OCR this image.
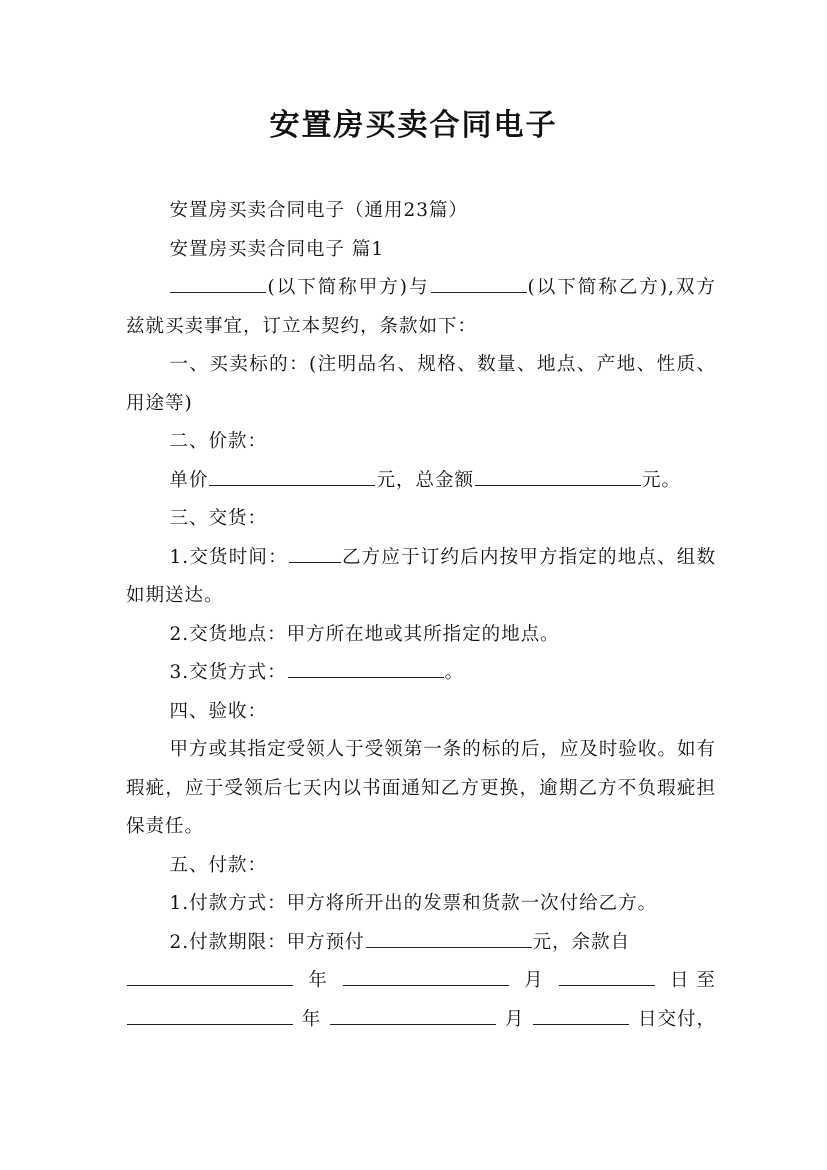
安置房买卖合同电子

安置房买卖合同电子（通用23篇）

安置房买卖合同电子 篇1

(以下简称甲方)与	(以下简称乙方),双方兹就买卖事宜，订立本契约，条款如下：

一、买卖标的：(注明品名、规格、数量、地点、产地、性质、用途等)

二、价款：

单价	元，总金额	元。

三、交货：

1.交货时间：	乙方应于订约后内按甲方指定的地点、组数如期送达。

2.交货地点：甲方所在地或其所指定的地点。

3.交货方式：	。

四、验收：

甲方或其指定受领人于受领第一条的标的后，应及时验收。如有瑕疵，应于受领后七天内以书面通知乙方更换，逾期乙方不负瑕疵担保责任。

五、付款：

1.付款方式：甲方将所开出的发票和货款一次付给乙方。

2.付款期限：甲方预付	元，余款自

年	月	日 至
年	月	日交付，
